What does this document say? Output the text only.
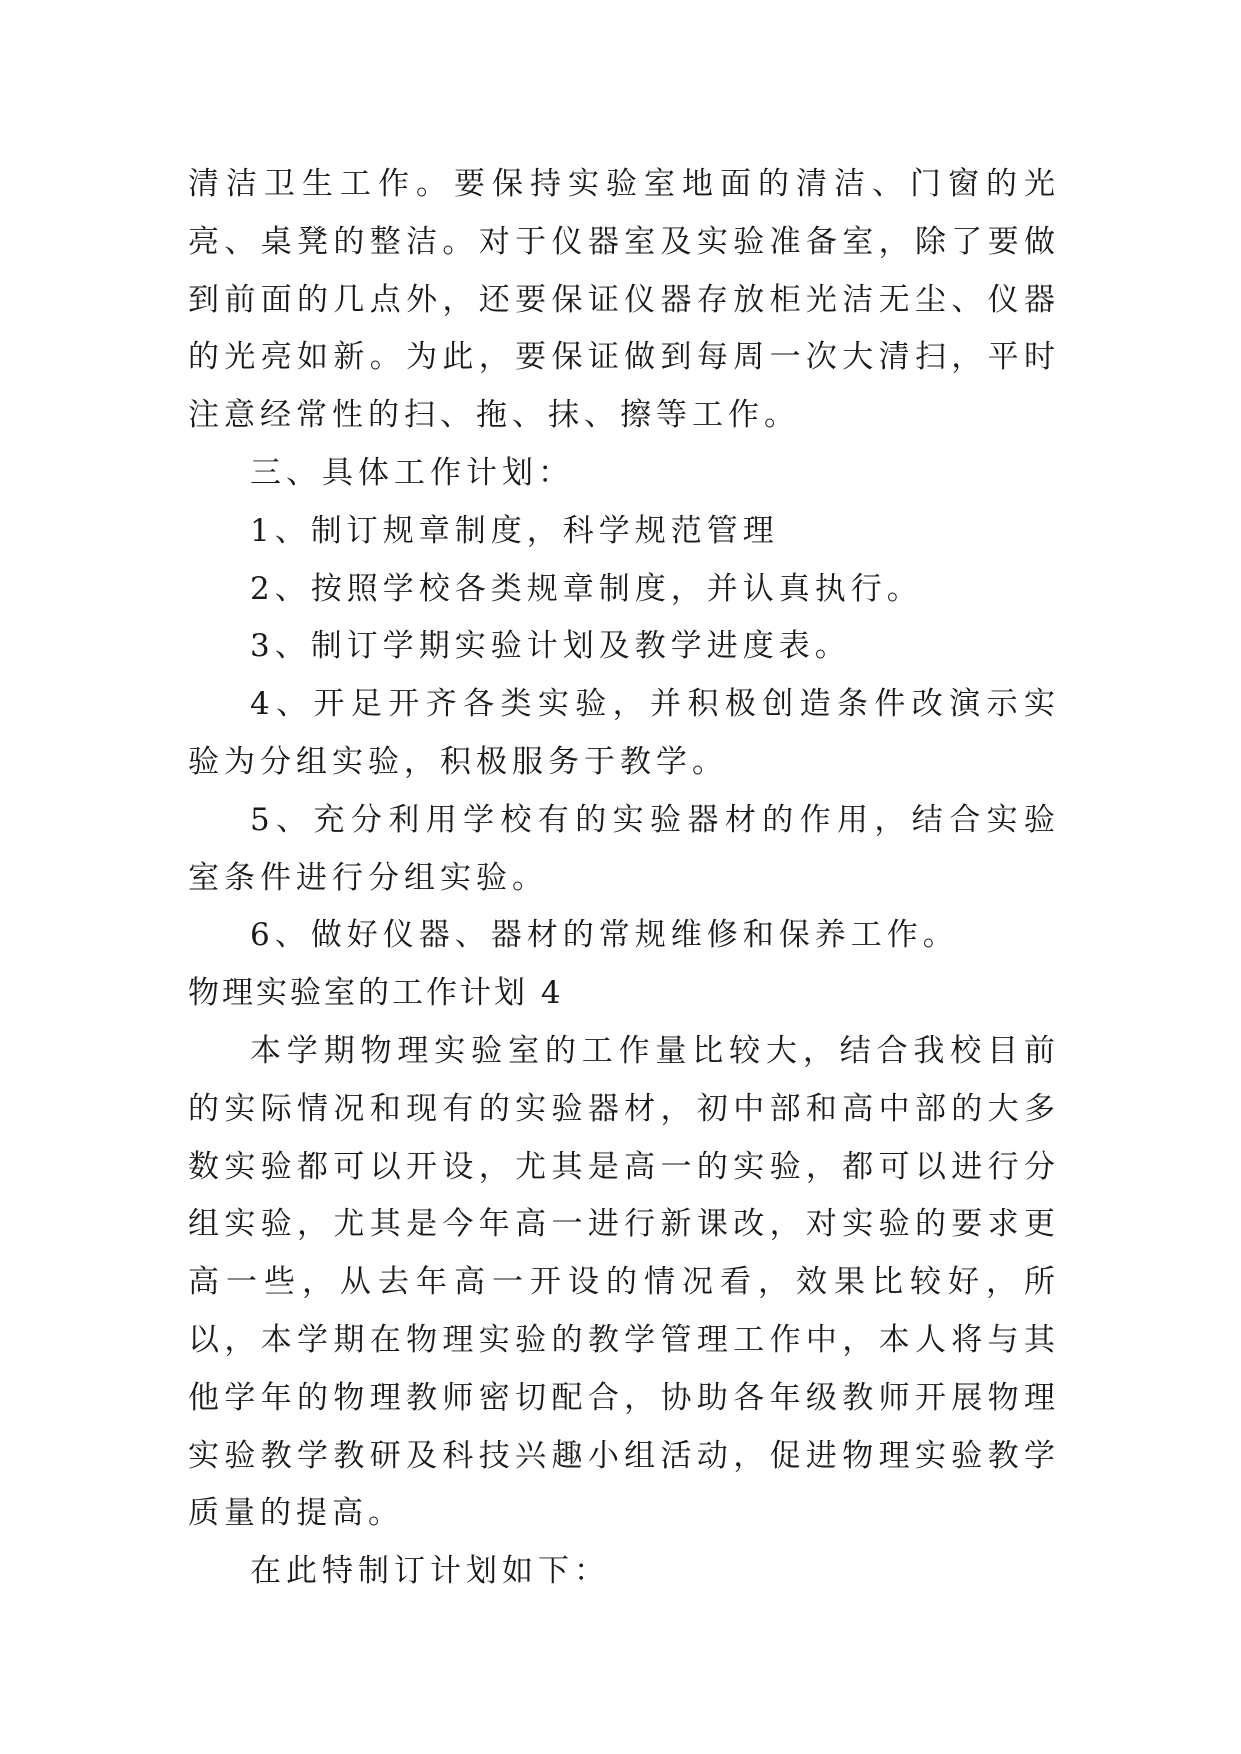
清洁卫生工作。要保持实验室地面的清洁、门窗的光亮、桌凳的整洁。对于仪器室及实验准备室，除了要做到前面的几点外，还要保证仪器存放柜光洁无尘、仪器的光亮如新。为此，要保证做到每周一次大清扫，平时注意经常性的扫、拖、抹、擦等工作。

三、具体工作计划：

1、制订规章制度，科学规范管理

2、按照学校各类规章制度，并认真执行。

3、制订学期实验计划及教学进度表。

4、开足开齐各类实验，并积极创造条件改演示实验为分组实验，积极服务于教学。

5、充分利用学校有的实验器材的作用，结合实验室条件进行分组实验。

6、做好仪器、器材的常规维修和保养工作。

物理实验室的工作计划 4

本学期物理实验室的工作量比较大，结合我校目前的实际情况和现有的实验器材，初中部和高中部的大多数实验都可以开设，尤其是高一的实验，都可以进行分组实验，尤其是今年高一进行新课改，对实验的要求更高一些，从去年高一开设的情况看，效果比较好，所以，本学期在物理实验的教学管理工作中，本人将与其他学年的物理教师密切配合，协助各年级教师开展物理实验教学教研及科技兴趣小组活动，促进物理实验教学质量的提高。

在此特制订计划如下：
